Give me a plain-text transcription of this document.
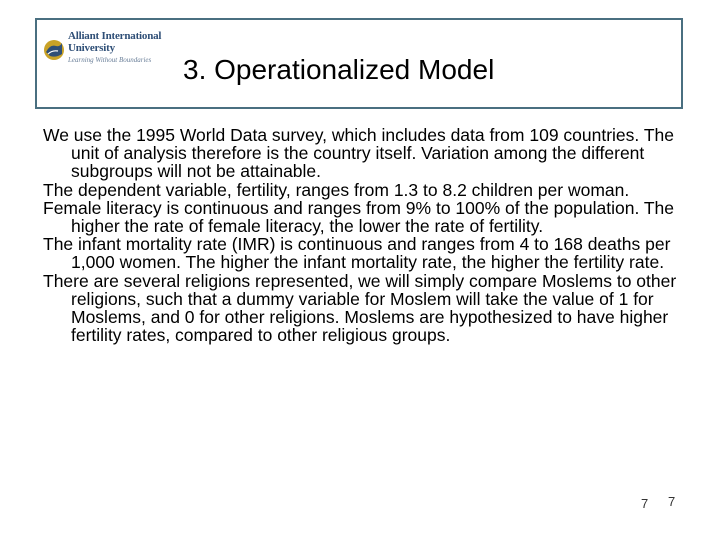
Alliant International
University
Learning Without Boundaries 3. Operationalized Model

We use the 1995 World Data survey, which includes data from 109 countries. The unit of analysis therefore is the country itself. Variation among the different subgroups will not be attainable.

The dependent variable, fertility, ranges from 1.3 to 8.2 children per woman.

Female literacy is continuous and ranges from 9% to 100% of the population. The higher the rate of female literacy, the lower the rate of fertility.

The infant mortality rate (IMR) is continuous and ranges from 4 to 168 deaths per 1,000 women. The higher the infant mortality rate, the higher the fertility rate.

There are several religions represented, we will simply compare Moslems to other religions, such that a dummy variable for Moslem will take the value of 1 for Moslems, and 0 for other religions. Moslems are hypothesized to have higher fertility rates, compared to other religious groups.

7 7
